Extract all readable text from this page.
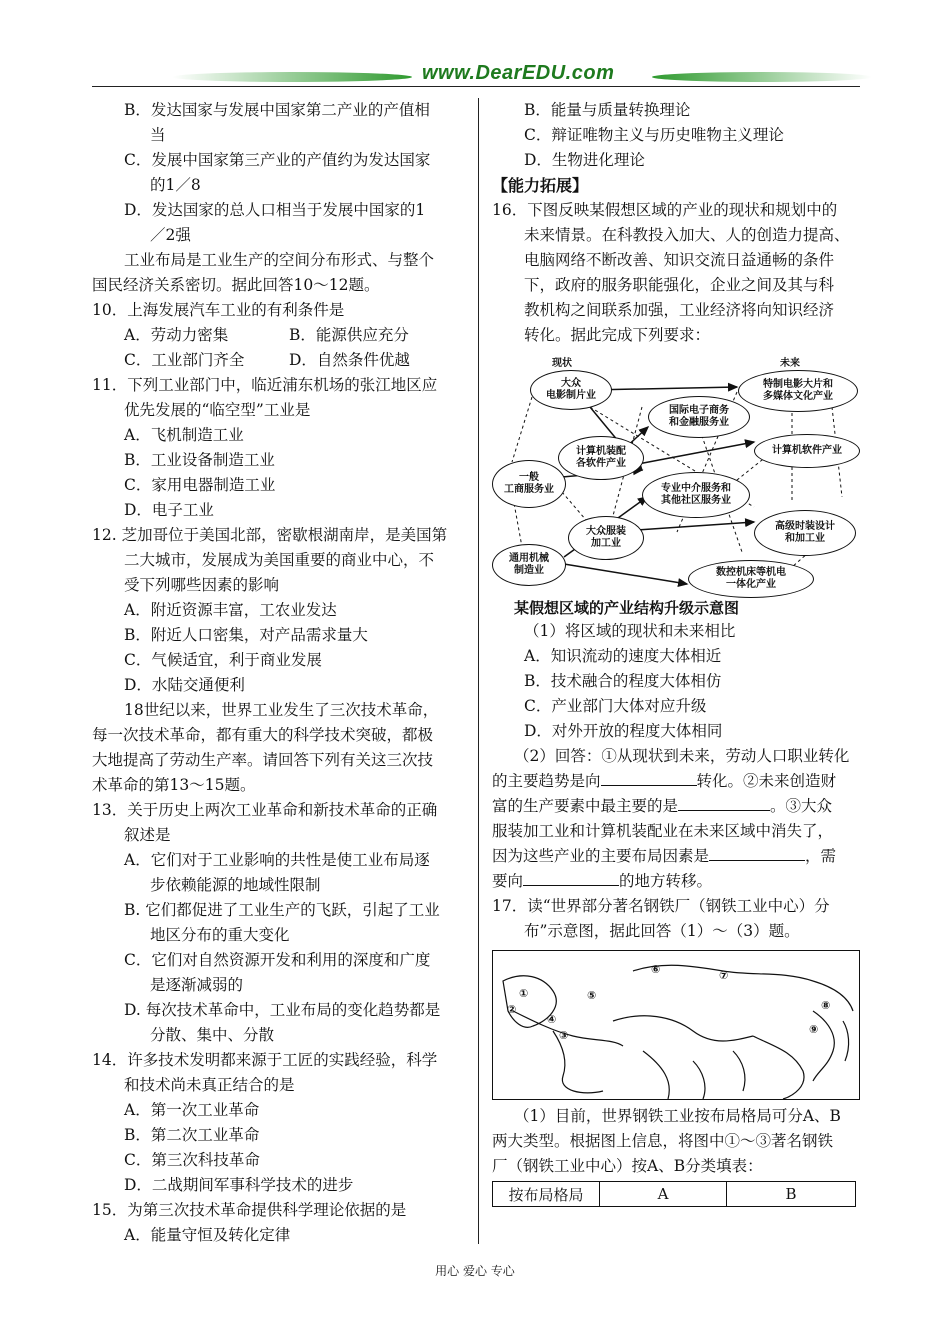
www.DearEDU.com
B．发达国家与发展中国家第二产业的产值相
当
C．发展中国家第三产业的产值约为发达国家
的1／8
D．发达国家的总人口相当于发展中国家的1
／2强
工业布局是工业生产的空间分布形式、与整个
国民经济关系密切。据此回答10～12题。
10．上海发展汽车工业的有利条件是
A．劳动力密集	B．能源供应充分
C．工业部门齐全	D．自然条件优越
11．下列工业部门中，临近浦东机场的张江地区应
优先发展的“临空型”工业是
A．飞机制造工业
B．工业设备制造工业
C．家用电器制造工业
D．电子工业
12. 芝加哥位于美国北部，密歇根湖南岸，是美国第
二大城市，发展成为美国重要的商业中心，不
受下列哪些因素的影响
A．附近资源丰富，工农业发达
B．附近人口密集，对产品需求量大
C．气候适宜，利于商业发展
D．水陆交通便利
18世纪以来，世界工业发生了三次技术革命，
每一次技术革命，都有重大的科学技术突破，都极
大地提高了劳动生产率。请回答下列有关这三次技
术革命的第13～15题。
13．关于历史上两次工业革命和新技术革命的正确
叙述是
A．它们对于工业影响的共性是使工业布局逐
步依赖能源的地域性限制
B. 它们都促进了工业生产的飞跃，引起了工业
地区分布的重大变化
C．它们对自然资源开发和利用的深度和广度
是逐渐减弱的
D. 每次技术革命中，工业布局的变化趋势都是
分散、集中、分散
14．许多技术发明都来源于工匠的实践经验，科学
和技术尚未真正结合的是
A．第一次工业革命
B．第二次工业革命
C．第三次科技革命
D．二战期间军事科学技术的进步
15．为第三次技术革命提供科学理论依据的是
A．能量守恒及转化定律
B．能量与质量转换理论
C．辩证唯物主义与历史唯物主义理论
D．生物进化理论
【能力拓展】
16．下图反映某假想区域的产业的现状和规划中的
未来情景。在科教投入加大、人的创造力提高、
电脑网络不断改善、知识交流日益通畅的条件
下，政府的服务职能强化，企业之间及其与科
教机构之间联系加强，工业经济将向知识经济
转化。据此完成下列要求：
现状	未来
大众
电影制片业
特制电影大片和
多媒体文化产业
国际电子商务
和金融服务业
计算机装配
各软件产业
计算机软件产业
一般
工商服务业	专业中介服务和
其他社区服务业
大众服装
加工业
高级时装设计
和加工业
通用机械
制造业	数控机床等机电
一体化产业
某假想区域的产业结构升级示意图
（1）将区域的现状和未来相比
A．知识流动的速度大体相近
B．技术融合的程度大体相仿
C．产业部门大体对应升级
D．对外开放的程度大体相同
（2）回答：①从现状到未来，劳动人口职业转化
的主要趋势是向	转化。②未来创造财
富的生产要素中最主要的是	。③大众
服装加工业和计算机装配业在未来区域中消失了，
因为这些产业的主要布局因素是	，需
要向	的地方转移。
17．读“世界部分著名钢铁厂（钢铁工业中心）分
布”示意图，据此回答（1）～（3）题。
①
②
③
④
⑤
⑥	⑦
⑧
⑨
（1）目前，世界钢铁工业按布局格局可分A、B
两大类型。根据图上信息，将图中①～③著名钢铁
厂（钢铁工业中心）按A、B分类填表：
按布局格局	A	B
用心 爱心 专心
